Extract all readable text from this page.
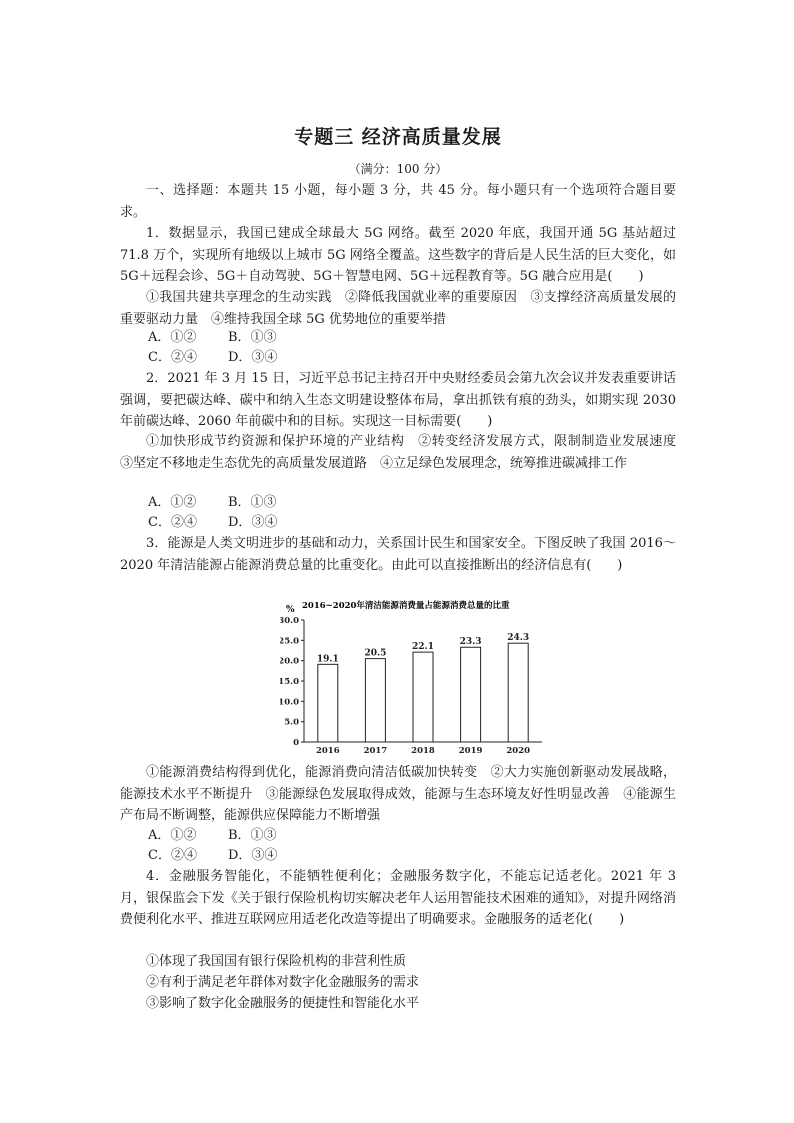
专题三 经济高质量发展
（满分：100 分）
一、选择题：本题共 15 小题，每小题 3 分，共 45 分。每小题只有一个选项符合题目要求。
1．数据显示，我国已建成全球最大 5G 网络。截至 2020 年底，我国开通 5G 基站超过 71.8 万个，实现所有地级以上城市 5G 网络全覆盖。这些数字的背后是人民生活的巨大变化，如 5G＋远程会诊、5G＋自动驾驶、5G＋智慧电网、5G＋远程教育等。5G 融合应用是(　　)
①我国共建共享理念的生动实践　②降低我国就业率的重要原因　③支撑经济高质量发展的重要驱动力量　④维持我国全球 5G 优势地位的重要举措
A．①② B．①③
C．②④ D．③④
2．2021 年 3 月 15 日，习近平总书记主持召开中央财经委员会第九次会议并发表重要讲话强调，要把碳达峰、碳中和纳入生态文明建设整体布局，拿出抓铁有痕的劲头，如期实现 2030 年前碳达峰、2060 年前碳中和的目标。实现这一目标需要(　　)
①加快形成节约资源和保护环境的产业结构　②转变经济发展方式，限制制造业发展速度　③坚定不移地走生态优先的高质量发展道路　④立足绿色发展理念，统筹推进碳减排工作
A．①② B．①③
C．②④ D．③④
3．能源是人类文明进步的基础和动力，关系国计民生和国家安全。下图反映了我国 2016～2020 年清洁能源占能源消费总量的比重变化。由此可以直接推断出的经济信息有(　　)
①能源消费结构得到优化，能源消费向清洁低碳加快转变　②大力实施创新驱动发展战略，能源技术水平不断提升　③能源绿色发展取得成效，能源与生态环境友好性明显改善　④能源生产布局不断调整，能源供应保障能力不断增强
A．①② B．①③
C．②④ D．③④
4．金融服务智能化，不能牺牲便利化；金融服务数字化，不能忘记适老化。2021 年 3 月，银保监会下发《关于银行保险机构切实解决老年人运用智能技术困难的通知》，对提升网络消费便利化水平、推进互联网应用适老化改造等提出了明确要求。金融服务的适老化(　　)
①体现了我国国有银行保险机构的非营利性质
②有利于满足老年群体对数字化金融服务的需求
③影响了数字化金融服务的便捷性和智能化水平
% 2016~2020年清洁能源消费量占能源消费总量的比重
0
5.0
10.0
15.0
20.0
25.0
30.0
19.1
2016
20.5
2017
22.1
2018
23.3
2019
24.3
2020
